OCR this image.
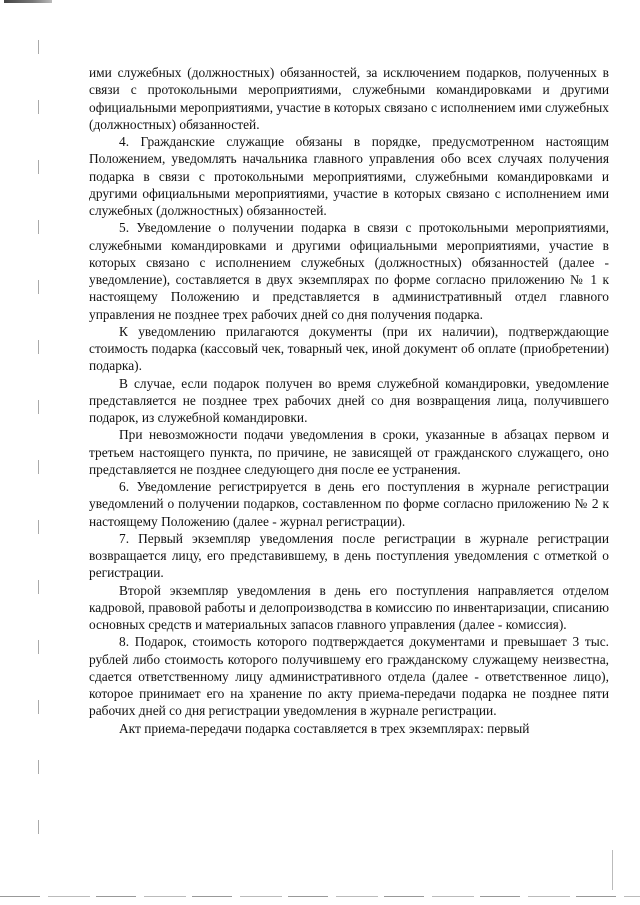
ими служебных (должностных) обязанностей, за исключением подарков, полученных в связи с протокольными мероприятиями, служебными командировками и другими официальными мероприятиями, участие в которых связано с исполнением ими служебных (должностных) обязанностей.

4. Гражданские служащие обязаны в порядке, предусмотренном настоящим Положением, уведомлять начальника главного управления обо всех случаях получения подарка в связи с протокольными мероприятиями, служебными командировками и другими официальными мероприятиями, участие в которых связано с исполнением ими служебных (должностных) обязанностей.

5. Уведомление о получении подарка в связи с протокольными мероприятиями, служебными командировками и другими официальными мероприятиями, участие в которых связано с исполнением служебных (должностных) обязанностей (далее - уведомление), составляется в двух экземплярах по форме согласно приложению № 1 к настоящему Положению и представляется в административный отдел главного управления не позднее трех рабочих дней со дня получения подарка.

К уведомлению прилагаются документы (при их наличии), подтверждающие стоимость подарка (кассовый чек, товарный чек, иной документ об оплате (приобретении) подарка).

В случае, если подарок получен во время служебной командировки, уведомление представляется не позднее трех рабочих дней со дня возвращения лица, получившего подарок, из служебной командировки.

При невозможности подачи уведомления в сроки, указанные в абзацах первом и третьем настоящего пункта, по причине, не зависящей от гражданского служащего, оно представляется не позднее следующего дня после ее устранения.

6. Уведомление регистрируется в день его поступления в журнале регистрации уведомлений о получении подарков, составленном по форме согласно приложению № 2 к настоящему Положению (далее - журнал регистрации).

7. Первый экземпляр уведомления после регистрации в журнале регистрации возвращается лицу, его представившему, в день поступления уведомления с отметкой о регистрации.

Второй экземпляр уведомления в день его поступления направляется отделом кадровой, правовой работы и делопроизводства в комиссию по инвентаризации, списанию основных средств и материальных запасов главного управления (далее - комиссия).

8. Подарок, стоимость которого подтверждается документами и превышает 3 тыс. рублей либо стоимость которого получившему его гражданскому служащему неизвестна, сдается ответственному лицу административного отдела (далее - ответственное лицо), которое принимает его на хранение по акту приема-передачи подарка не позднее пяти рабочих дней со дня регистрации уведомления в журнале регистрации.

Акт приема-передачи подарка составляется в трех экземплярах: первый
